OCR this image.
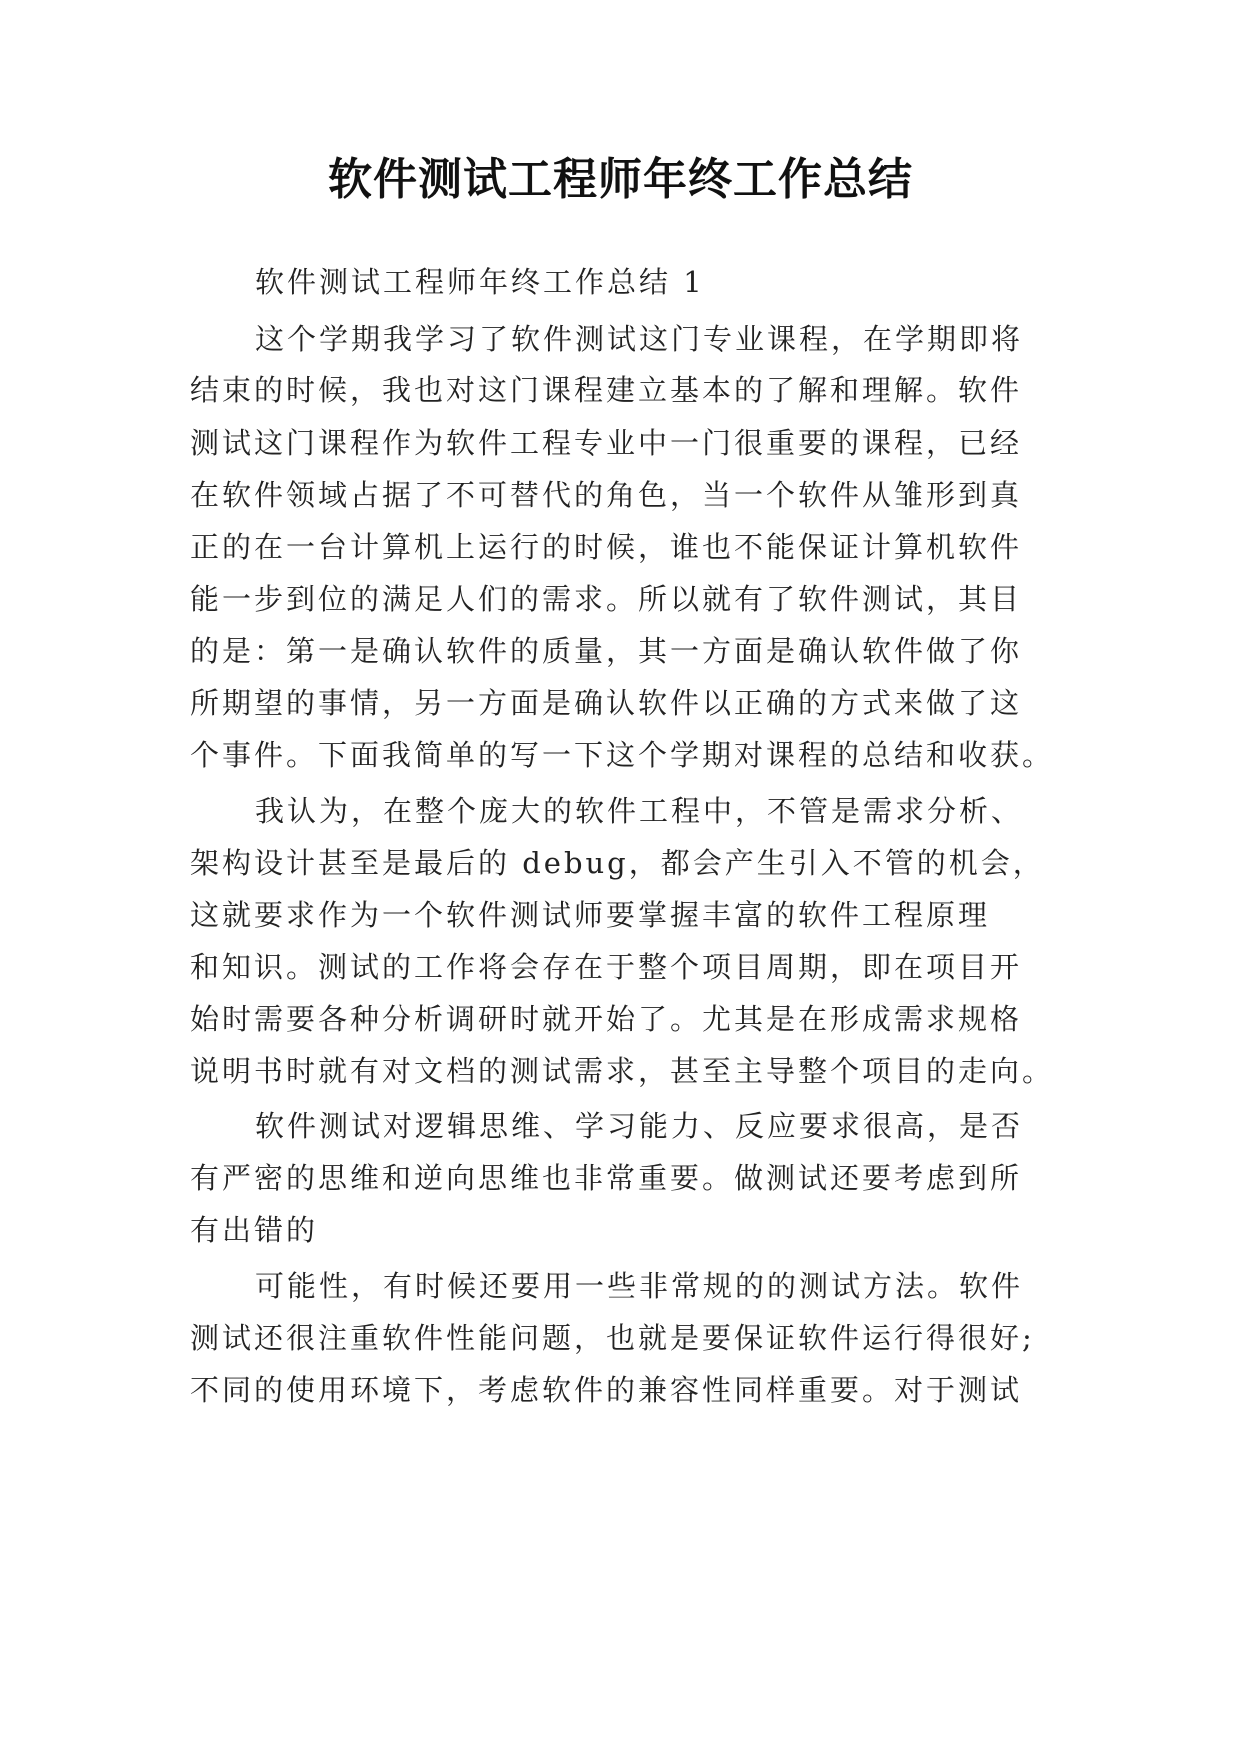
软件测试工程师年终工作总结
软件测试工程师年终工作总结 1
这个学期我学习了软件测试这门专业课程，在学期即将
结束的时候，我也对这门课程建立基本的了解和理解。软件
测试这门课程作为软件工程专业中一门很重要的课程，已经
在软件领域占据了不可替代的角色，当一个软件从雏形到真
正的在一台计算机上运行的时候，谁也不能保证计算机软件
能一步到位的满足人们的需求。所以就有了软件测试，其目
的是：第一是确认软件的质量，其一方面是确认软件做了你
所期望的事情，另一方面是确认软件以正确的方式来做了这
个事件。下面我简单的写一下这个学期对课程的总结和收获。
我认为，在整个庞大的软件工程中，不管是需求分析、
架构设计甚至是最后的 debug，都会产生引入不管的机会，
这就要求作为一个软件测试师要掌握丰富的软件工程原理
和知识。测试的工作将会存在于整个项目周期，即在项目开
始时需要各种分析调研时就开始了。尤其是在形成需求规格
说明书时就有对文档的测试需求，甚至主导整个项目的走向。
软件测试对逻辑思维、学习能力、反应要求很高，是否
有严密的思维和逆向思维也非常重要。做测试还要考虑到所
有出错的
可能性，有时候还要用一些非常规的的测试方法。软件
测试还很注重软件性能问题，也就是要保证软件运行得很好;
不同的使用环境下，考虑软件的兼容性同样重要。对于测试
